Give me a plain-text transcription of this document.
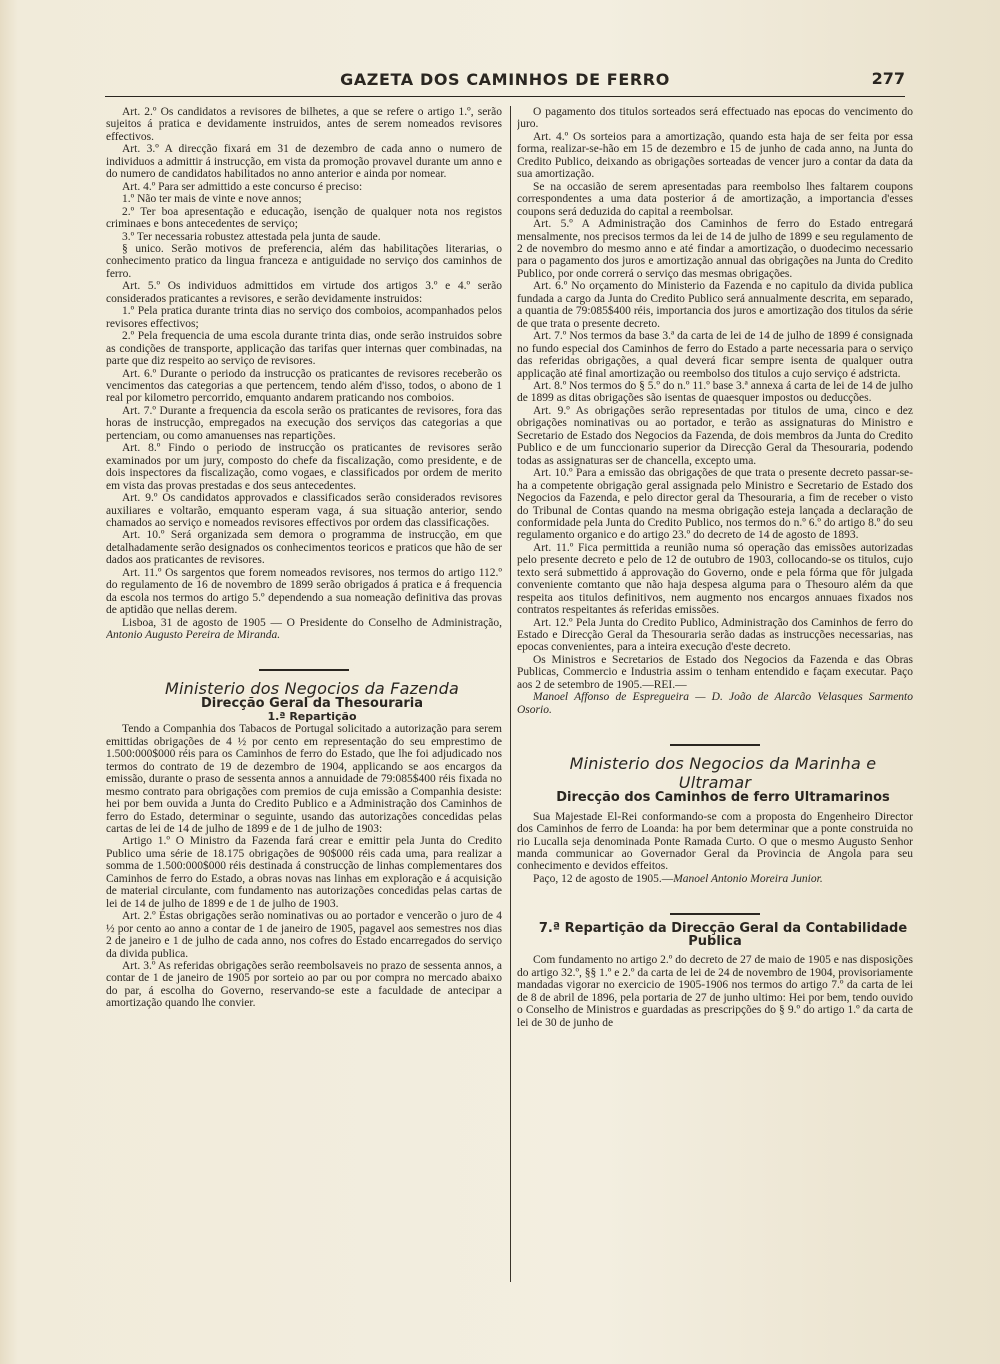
GAZETA DOS CAMINHOS DE FERRO	277

Art. 2.º Os candidatos a revisores de bilhetes, a que se refere o artigo 1.º, serão sujeitos á pratica e devidamente instruidos, antes de serem nomeados revisores effectivos.

Art. 3.º A direcção fixará em 31 de dezembro de cada anno o numero de individuos a admittir á instrucção, em vista da promoção provavel durante um anno e do numero de candidatos habilitados no anno anterior e ainda por nomear.

Art. 4.º Para ser admittido a este concurso é preciso:

1.º Não ter mais de vinte e nove annos;

2.º Ter boa apresentação e educação, isenção de qualquer nota nos registos criminaes e bons antecedentes de serviço;

3.º Ter necessaria robustez attestada pela junta de saude.

§ unico. Serão motivos de preferencia, além das habilitações literarias, o conhecimento pratico da lingua franceza e antiguidade no serviço dos caminhos de ferro.

Art. 5.º Os individuos admittidos em virtude dos artigos 3.º e 4.º serão considerados praticantes a revisores, e serão devidamente instruidos:

1.º Pela pratica durante trinta dias no serviço dos comboios, acompanhados pelos revisores effectivos;

2.º Pela frequencia de uma escola durante trinta dias, onde serão instruidos sobre as condições de transporte, applicação das tarifas quer internas quer combinadas, na parte que diz respeito ao serviço de revisores.

Art. 6.º Durante o periodo da instrucção os praticantes de revisores receberão os vencimentos das categorias a que pertencem, tendo além d'isso, todos, o abono de 1 real por kilometro percorrido, emquanto andarem praticando nos comboios.

Art. 7.º Durante a frequencia da escola serão os praticantes de revisores, fora das horas de instrucção, empregados na execução dos serviços das categorias a que pertenciam, ou como amanuenses nas repartições.

Art. 8.º Findo o periodo de instrucção os praticantes de revisores serão examinados por um jury, composto do chefe da fiscalização, como presidente, e de dois inspectores da fiscalização, como vogaes, e classificados por ordem de merito em vista das provas prestadas e dos seus antecedentes.

Art. 9.º Os candidatos approvados e classificados serão considerados revisores auxiliares e voltarão, emquanto esperam vaga, á sua situação anterior, sendo chamados ao serviço e nomeados revisores effectivos por ordem das classificações.

Art. 10.º Será organizada sem demora o programma de instrucção, em que detalhadamente serão designados os conhecimentos teoricos e praticos que hão de ser dados aos praticantes de revisores.

Art. 11.º Os sargentos que forem nomeados revisores, nos termos do artigo 112.º do regulamento de 16 de novembro de 1899 serão obrigados á pratica e á frequencia da escola nos termos do artigo 5.º dependendo a sua nomeação definitiva das provas de aptidão que nellas derem.

Lisboa, 31 de agosto de 1905 — O Presidente do Conselho de Administração, Antonio Augusto Pereira de Miranda.

Ministerio dos Negocios da Fazenda

Direcção Geral da Thesouraria

1.ª Repartição

Tendo a Companhia dos Tabacos de Portugal solicitado a autorização para serem emittidas obrigações de 4 ½ por cento em representação do seu emprestimo de 1.500:000$000 réis para os Caminhos de ferro do Estado, que lhe foi adjudicado nos termos do contrato de 19 de dezembro de 1904, applicando se aos encargos da emissão, durante o praso de sessenta annos a annuidade de 79:085$400 réis fixada no mesmo contrato para obrigações com premios de cuja emissão a Companhia desiste: hei por bem ouvida a Junta do Credito Publico e a Administração dos Caminhos de ferro do Estado, determinar o seguinte, usando das autorizações concedidas pelas cartas de lei de 14 de julho de 1899 e de 1 de julho de 1903:

Artigo 1.º O Ministro da Fazenda fará crear e emittir pela Junta do Credito Publico uma série de 18.175 obrigações de 90$000 réis cada uma, para realizar a somma de 1.500:000$000 réis destinada á construcção de linhas complementares dos Caminhos de ferro do Estado, a obras novas nas linhas em exploração e á acquisição de material circulante, com fundamento nas autorizações concedidas pelas cartas de lei de 14 de julho de 1899 e de 1 de julho de 1903.

Art. 2.º Estas obrigações serão nominativas ou ao portador e vencerão o juro de 4 ½ por cento ao anno a contar de 1 de janeiro de 1905, pagavel aos semestres nos dias 2 de janeiro e 1 de julho de cada anno, nos cofres do Estado encarregados do serviço da divida publica.

Art. 3.º As referidas obrigações serão reembolsaveis no prazo de sessenta annos, a contar de 1 de janeiro de 1905 por sorteio ao par ou por compra no mercado abaixo do par, á escolha do Governo, reservando-se este a faculdade de antecipar a amortização quando lhe convier.

O pagamento dos titulos sorteados será effectuado nas epocas do vencimento do juro.

Art. 4.º Os sorteios para a amortização, quando esta haja de ser feita por essa forma, realizar-se-hão em 15 de dezembro e 15 de junho de cada anno, na Junta do Credito Publico, deixando as obrigações sorteadas de vencer juro a contar da data da sua amortização.

Se na occasião de serem apresentadas para reembolso lhes faltarem coupons correspondentes a uma data posterior á de amortização, a importancia d'esses coupons será deduzida do capital a reembolsar.

Art. 5.º A Administração dos Caminhos de ferro do Estado entregará mensalmente, nos precisos termos da lei de 14 de julho de 1899 e seu regulamento de 2 de novembro do mesmo anno e até findar a amortização, o duodecimo necessario para o pagamento dos juros e amortização annual das obrigações na Junta do Credito Publico, por onde correrá o serviço das mesmas obrigações.

Art. 6.º No orçamento do Ministerio da Fazenda e no capitulo da divida publica fundada a cargo da Junta do Credito Publico será annualmente descrita, em separado, a quantia de 79:085$400 réis, importancia dos juros e amortização dos titulos da série de que trata o presente decreto.

Art. 7.º Nos termos da base 3.ª da carta de lei de 14 de julho de 1899 é consignada no fundo especial dos Caminhos de ferro do Estado a parte necessaria para o serviço das referidas obrigações, a qual deverá ficar sempre isenta de qualquer outra applicação até final amortização ou reembolso dos titulos a cujo serviço é adstricta.

Art. 8.º Nos termos do § 5.º do n.º 11.º base 3.ª annexa á carta de lei de 14 de julho de 1899 as ditas obrigações são isentas de quaesquer impostos ou deducções.

Art. 9.º As obrigações serão representadas por titulos de uma, cinco e dez obrigações nominativas ou ao portador, e terão as assignaturas do Ministro e Secretario de Estado dos Negocios da Fazenda, de dois membros da Junta do Credito Publico e de um funccionario superior da Direcção Geral da Thesouraria, podendo todas as assignaturas ser de chancella, excepto uma.

Art. 10.º Para a emissão das obrigações de que trata o presente decreto passar-se-ha a competente obrigação geral assignada pelo Ministro e Secretario de Estado dos Negocios da Fazenda, e pelo director geral da Thesouraria, a fim de receber o visto do Tribunal de Contas quando na mesma obrigação esteja lançada a declaração de conformidade pela Junta do Credito Publico, nos termos do n.º 6.º do artigo 8.º do seu regulamento organico e do artigo 23.º do decreto de 14 de agosto de 1893.

Art. 11.º Fica permittida a reunião numa só operação das emissões autorizadas pelo presente decreto e pelo de 12 de outubro de 1903, collocando-se os titulos, cujo texto será submettido á approvação do Governo, onde e pela fórma que fôr julgada conveniente comtanto que não haja despesa alguma para o Thesouro além da que respeita aos titulos definitivos, nem augmento nos encargos annuaes fixados nos contratos respeitantes ás referidas emissões.

Art. 12.º Pela Junta do Credito Publico, Administração dos Caminhos de ferro do Estado e Direcção Geral da Thesouraria serão dadas as instrucções necessarias, nas epocas convenientes, para a inteira execução d'este decreto.

Os Ministros e Secretarios de Estado dos Negocios da Fazenda e das Obras Publicas, Commercio e Industria assim o tenham entendido e façam executar. Paço aos 2 de setembro de 1905.—REI.—

Manoel Affonso de Espregueira — D. João de Alarcão Velasques Sarmento Osorio.

Ministerio dos Negocios da Marinha e Ultramar

Direcção dos Caminhos de ferro Ultramarinos

Sua Majestade El-Rei conformando-se com a proposta do Engenheiro Director dos Caminhos de ferro de Loanda: ha por bem determinar que a ponte construida no rio Lucalla seja denominada Ponte Ramada Curto. O que o mesmo Augusto Senhor manda communicar ao Governador Geral da Provincia de Angola para seu conhecimento e devidos effeitos.

Paço, 12 de agosto de 1905.—Manoel Antonio Moreira Junior.

7.ª Repartição da Direcção Geral da Contabilidade Publica

Com fundamento no artigo 2.º do decreto de 27 de maio de 1905 e nas disposições do artigo 32.º, §§ 1.º e 2.º da carta de lei de 24 de novembro de 1904, provisoriamente mandadas vigorar no exercicio de 1905-1906 nos termos do artigo 7.º da carta de lei de 8 de abril de 1896, pela portaria de 27 de junho ultimo: Hei por bem, tendo ouvido o Conselho de Ministros e guardadas as prescripções do § 9.º do artigo 1.º da carta de lei de 30 de junho de
